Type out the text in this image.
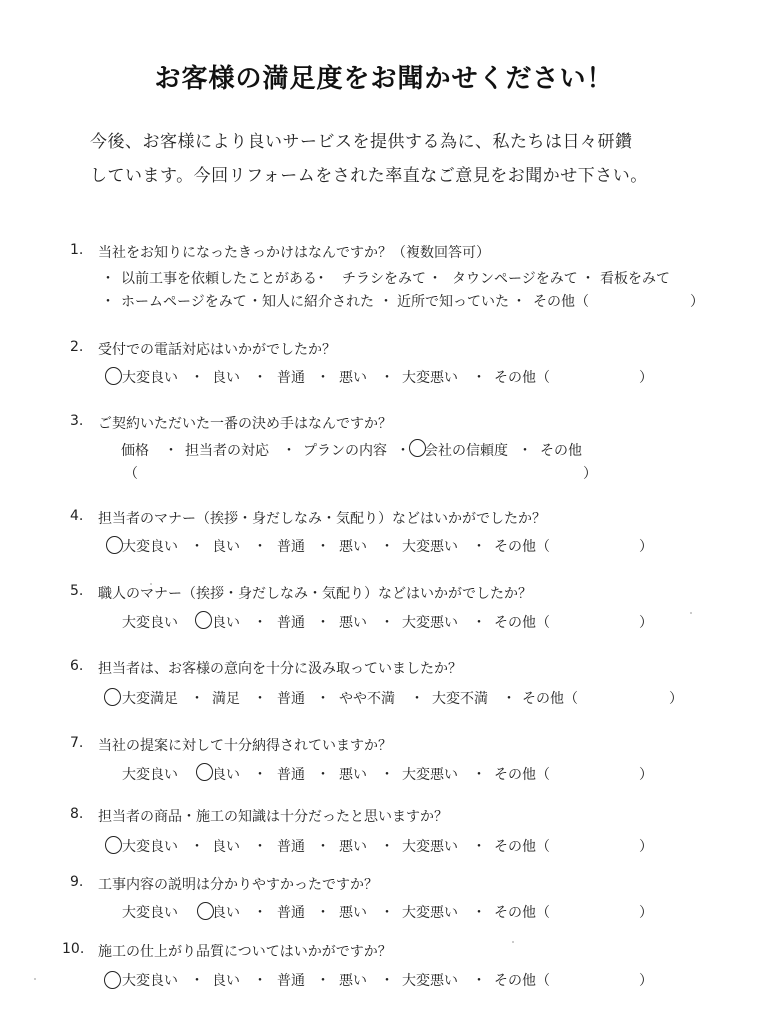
お客様の満足度をお聞かせください！
今後、お客様により良いサービスを提供する為に、私たちは日々研鑽
しています。今回リフォームをされた率直なご意見をお聞かせ下さい。
1. 当社をお知りになったきっかけはなんですか？（複数回答可）
・ 以前工事を依頼したことがある
・ チラシをみて ・ タウンページをみて ・ 看板をみて
・ ホームページをみて ・ 知人に紹介された ・ 近所で知っていた ・ その他（	）
2. 受付での電話対応はいかがでしたか？
大変良い ・ 良い ・ 普通 ・ 悪い ・ 大変悪い ・ その他（	）
3. ご契約いただいた一番の決め手はなんですか？
価格 ・ 担当者の対応 ・ プランの内容 ・ 会社の信頼度 ・ その他
（	）
4. 担当者のマナー（挨拶・身だしなみ・気配り）などはいかがでしたか？
大変良い ・ 良い ・ 普通 ・ 悪い ・ 大変悪い ・ その他（	）
5. 職人のマナー（挨拶・身だしなみ・気配り）などはいかがでしたか？
大変良い ○ 良い ・ 普通 ・ 悪い ・ 大変悪い ・ その他（	）
6. 担当者は、お客様の意向を十分に汲み取っていましたか？
大変満足 ・ 満足 ・ 普通 ・ やや不満 ・ 大変不満 ・ その他（	）
7. 当社の提案に対して十分納得されていますか？
大変良い ○ 良い ・ 普通 ・ 悪い ・ 大変悪い ・ その他（	）
8. 担当者の商品・施工の知識は十分だったと思いますか？
大変良い ・ 良い ・ 普通 ・ 悪い ・ 大変悪い ・ その他（	）
9. 工事内容の説明は分かりやすかったですか？
大変良い 良い ・ 普通 ・ 悪い ・ 大変悪い ・ その他（	）
10. 施工の仕上がり品質についてはいかがですか？
大変良い ・ 良い ・ 普通 ・ 悪い ・ 大変悪い ・ その他（	）
